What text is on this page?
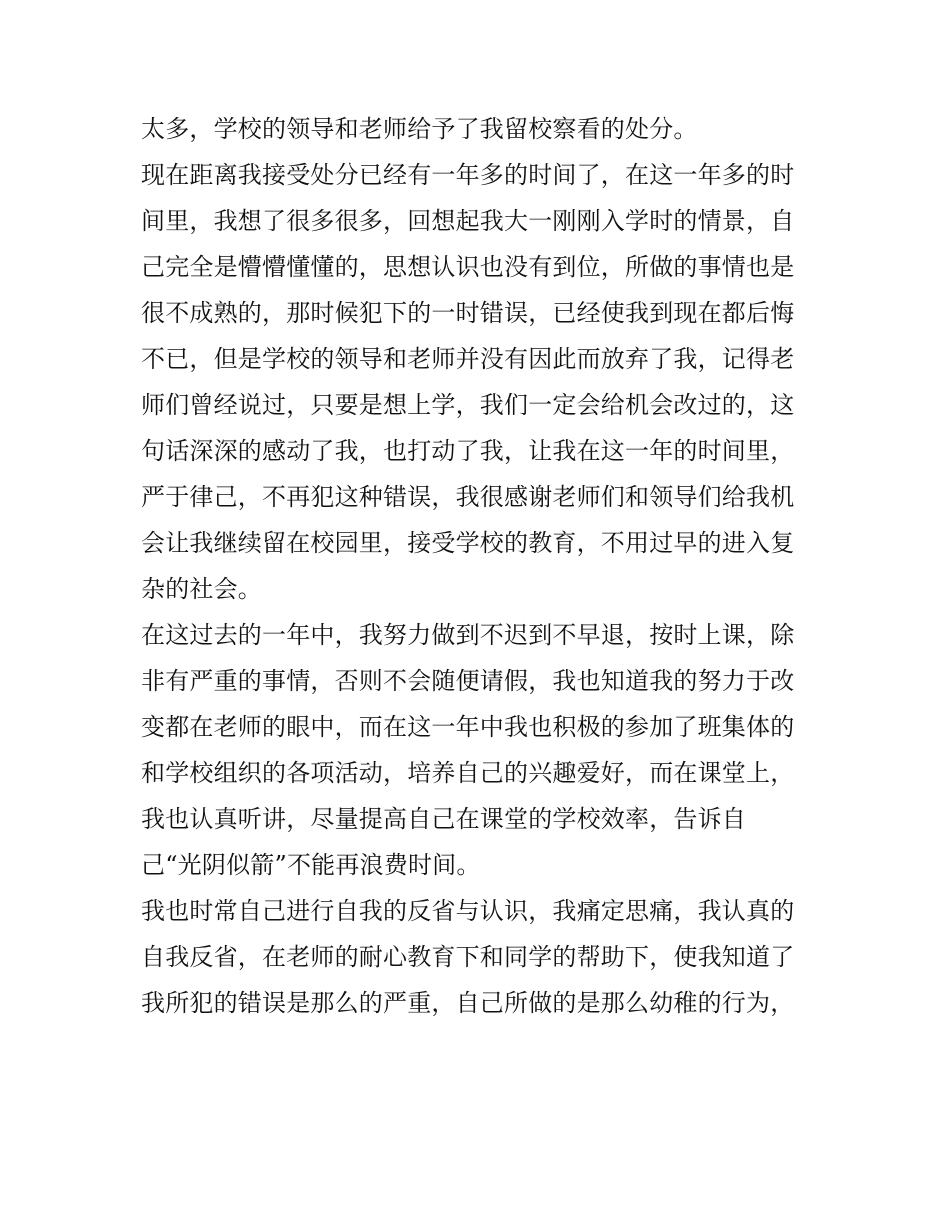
太多，学校的领导和老师给予了我留校察看的处分。
现在距离我接受处分已经有一年多的时间了，在这一年多的时
间里，我想了很多很多，回想起我大一刚刚入学时的情景，自
己完全是懵懵懂懂的，思想认识也没有到位，所做的事情也是
很不成熟的，那时候犯下的一时错误，已经使我到现在都后悔
不已，但是学校的领导和老师并没有因此而放弃了我，记得老
师们曾经说过，只要是想上学，我们一定会给机会改过的，这
句话深深的感动了我，也打动了我，让我在这一年的时间里，
严于律己，不再犯这种错误，我很感谢老师们和领导们给我机
会让我继续留在校园里，接受学校的教育，不用过早的进入复
杂的社会。
在这过去的一年中，我努力做到不迟到不早退，按时上课，除
非有严重的事情，否则不会随便请假，我也知道我的努力于改
变都在老师的眼中，而在这一年中我也积极的参加了班集体的
和学校组织的各项活动，培养自己的兴趣爱好，而在课堂上，
我也认真听讲，尽量提高自己在课堂的学校效率，告诉自
己“光阴似箭”不能再浪费时间。
我也时常自己进行自我的反省与认识，我痛定思痛，我认真的
自我反省，在老师的耐心教育下和同学的帮助下，使我知道了
我所犯的错误是那么的严重，自己所做的是那么幼稚的行为，
